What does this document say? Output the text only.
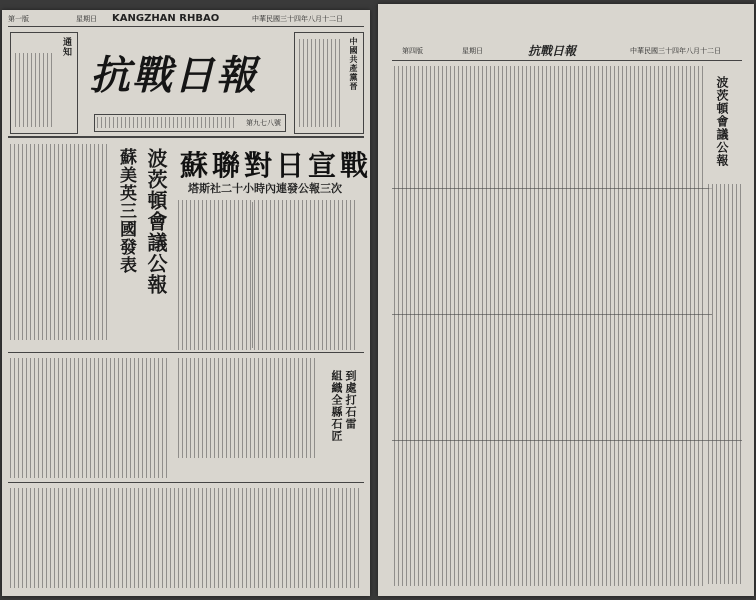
第一版	星期日 KANGZHAN RHBAO	中華民國三十四年八月十二日
通知
抗戰日報
第九七八號
中國共產黨晉
蘇聯對日宣戰
塔斯社二十小時內連發公報三次
蘇美英三國發表 波茨頓會議公報
組織全縣石匠 到處打石雷
第四版	星期日	抗戰日報	中華民國三十四年八月十二日
波茨頓會議公報
